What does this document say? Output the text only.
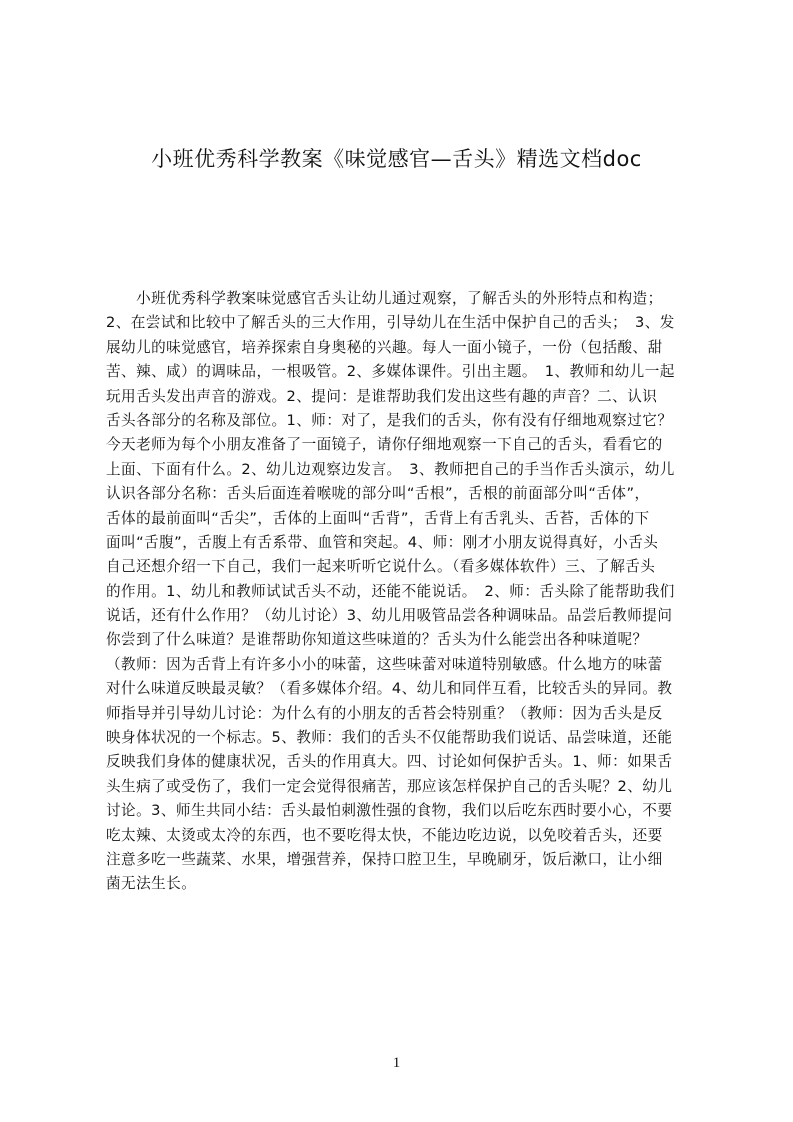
小班优秀科学教案《味觉感官—舌头》精选文档doc
　　小班优秀科学教案味觉感官舌头让幼儿通过观察，了解舌头的外形特点和构造；
2、在尝试和比较中了解舌头的三大作用，引导幼儿在生活中保护自己的舌头；　3、发
展幼儿的味觉感官，培养探索自身奥秘的兴趣。每人一面小镜子，一份（包括酸、甜
苦、辣、咸）的调味品，一根吸管。2、多媒体课件。引出主题。　1、教师和幼儿一起
玩用舌头发出声音的游戏。2、提问：是谁帮助我们发出这些有趣的声音？二、认识
舌头各部分的名称及部位。1、师：对了，是我们的舌头，你有没有仔细地观察过它？
今天老师为每个小朋友准备了一面镜子，请你仔细地观察一下自己的舌头，看看它的
上面、下面有什么。2、幼儿边观察边发言。　3、教师把自己的手当作舌头演示，幼儿
认识各部分名称：舌头后面连着喉咙的部分叫“舌根”，舌根的前面部分叫“舌体”，
舌体的最前面叫“舌尖”，舌体的上面叫“舌背”，舌背上有舌乳头、舌苔，舌体的下
面叫“舌腹”，舌腹上有舌系带、血管和突起。4、师：刚才小朋友说得真好，小舌头
自己还想介绍一下自己，我们一起来听听它说什么。（看多媒体软件）三、了解舌头
的作用。1、幼儿和教师试试舌头不动，还能不能说话。　2、师：舌头除了能帮助我们
说话，还有什么作用？（幼儿讨论）3、幼儿用吸管品尝各种调味品。品尝后教师提问
你尝到了什么味道？是谁帮助你知道这些味道的？舌头为什么能尝出各种味道呢？
（教师：因为舌背上有许多小小的味蕾，这些味蕾对味道特别敏感。什么地方的味蕾
对什么味道反映最灵敏？（看多媒体介绍。4、幼儿和同伴互看，比较舌头的异同。教
师指导并引导幼儿讨论：为什么有的小朋友的舌苔会特别重？（教师：因为舌头是反
映身体状况的一个标志。5、教师：我们的舌头不仅能帮助我们说话、品尝味道，还能
反映我们身体的健康状况，舌头的作用真大。四、讨论如何保护舌头。1、师：如果舌
头生病了或受伤了，我们一定会觉得很痛苦，那应该怎样保护自己的舌头呢？2、幼儿
讨论。3、师生共同小结：舌头最怕刺激性强的食物，我们以后吃东西时要小心，不要
吃太辣、太烫或太冷的东西，也不要吃得太快，不能边吃边说，以免咬着舌头，还要
注意多吃一些蔬菜、水果，增强营养，保持口腔卫生，早晚刷牙，饭后漱口，让小细
菌无法生长。
1
